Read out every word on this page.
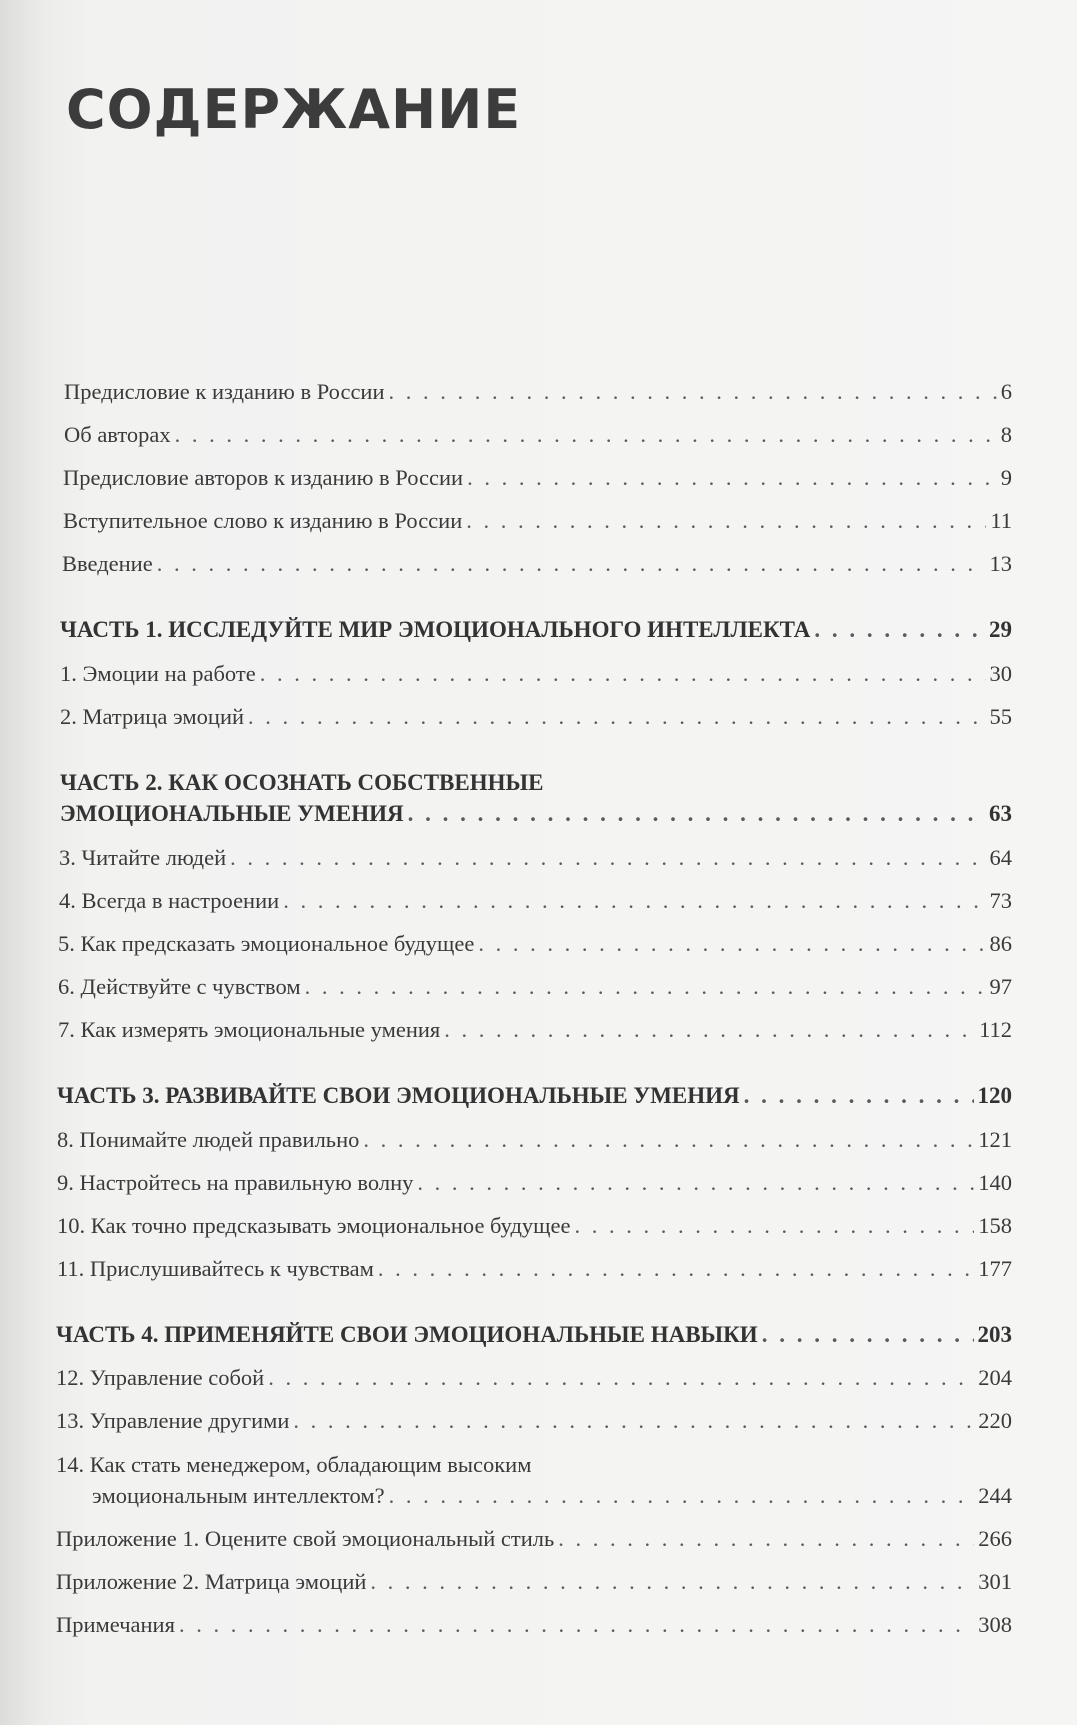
СОДЕРЖАНИЕ
Предисловие к изданию в России . . .	6
Об авторах . . .	8
Предисловие авторов к изданию в России . . .	9
Вступительное слово к изданию в России . . .	11
Введение . . .	13
ЧАСТЬ 1. ИССЛЕДУЙТЕ МИР ЭМОЦИОНАЛЬНОГО ИНТЕЛЛЕКТА . . .	29
1. Эмоции на работе . . .	30
2. Матрица эмоций . . .	55
ЧАСТЬ 2. КАК ОСОЗНАТЬ СОБСТВЕННЫЕ
ЭМОЦИОНАЛЬНЫЕ УМЕНИЯ . . .	63
3. Читайте людей . . .	64
4. Всегда в настроении . . .	73
5. Как предсказать эмоциональное будущее . . .	86
6. Действуйте с чувством . . .	97
7. Как измерять эмоциональные умения . . .	112
ЧАСТЬ 3. РАЗВИВАЙТЕ СВОИ ЭМОЦИОНАЛЬНЫЕ УМЕНИЯ . . .	120
8. Понимайте людей правильно . . .	121
9. Настройтесь на правильную волну . . .	140
10. Как точно предсказывать эмоциональное будущее . . .	158
11. Прислушивайтесь к чувствам . . .	177
ЧАСТЬ 4. ПРИМЕНЯЙТЕ СВОИ ЭМОЦИОНАЛЬНЫЕ НАВЫКИ . . .	203
12. Управление собой . . .	204
13. Управление другими . . .	220
14. Как стать менеджером, обладающим высоким
эмоциональным интеллектом? . . .	244
Приложение 1. Оцените свой эмоциональный стиль . . .	266
Приложение 2. Матрица эмоций . . .	301
Примечания . . .	308
